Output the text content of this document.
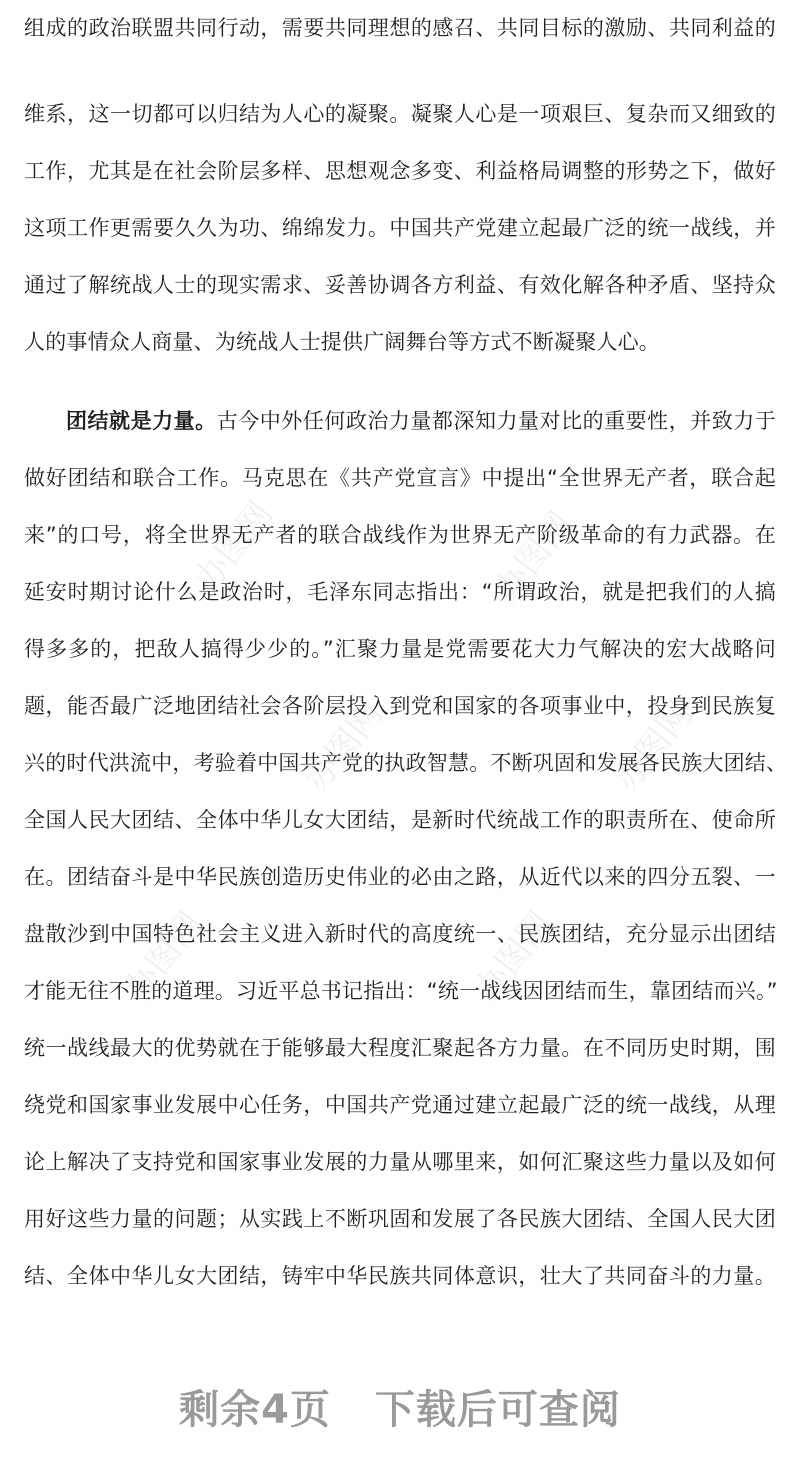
办图网	办图网
办图网	办图网
办图网	办图网
组成的政治联盟共同行动，需要共同理想的感召、共同目标的激励、共同利益的
维系，这一切都可以归结为人心的凝聚。凝聚人心是一项艰巨、复杂而又细致的
工作，尤其是在社会阶层多样、思想观念多变、利益格局调整的形势之下，做好
这项工作更需要久久为功、绵绵发力。中国共产党建立起最广泛的统一战线，并
通过了解统战人士的现实需求、妥善协调各方利益、有效化解各种矛盾、坚持众
人的事情众人商量、为统战人士提供广阔舞台等方式不断凝聚人心。
团结就是力量。古今中外任何政治力量都深知力量对比的重要性，并致力于
做好团结和联合工作。马克思在《共产党宣言》中提出“全世界无产者，联合起
来”的口号，将全世界无产者的联合战线作为世界无产阶级革命的有力武器。在
延安时期讨论什么是政治时，毛泽东同志指出：“所谓政治，就是把我们的人搞
得多多的，把敌人搞得少少的。”汇聚力量是党需要花大力气解决的宏大战略问
题，能否最广泛地团结社会各阶层投入到党和国家的各项事业中，投身到民族复
兴的时代洪流中，考验着中国共产党的执政智慧。不断巩固和发展各民族大团结、
全国人民大团结、全体中华儿女大团结，是新时代统战工作的职责所在、使命所
在。团结奋斗是中华民族创造历史伟业的必由之路，从近代以来的四分五裂、一
盘散沙到中国特色社会主义进入新时代的高度统一、民族团结，充分显示出团结
才能无往不胜的道理。习近平总书记指出：“统一战线因团结而生，靠团结而兴。”
统一战线最大的优势就在于能够最大程度汇聚起各方力量。在不同历史时期，围
绕党和国家事业发展中心任务，中国共产党通过建立起最广泛的统一战线，从理
论上解决了支持党和国家事业发展的力量从哪里来，如何汇聚这些力量以及如何
用好这些力量的问题；从实践上不断巩固和发展了各民族大团结、全国人民大团
结、全体中华儿女大团结，铸牢中华民族共同体意识，壮大了共同奋斗的力量。
剩余4页 下载后可查阅
